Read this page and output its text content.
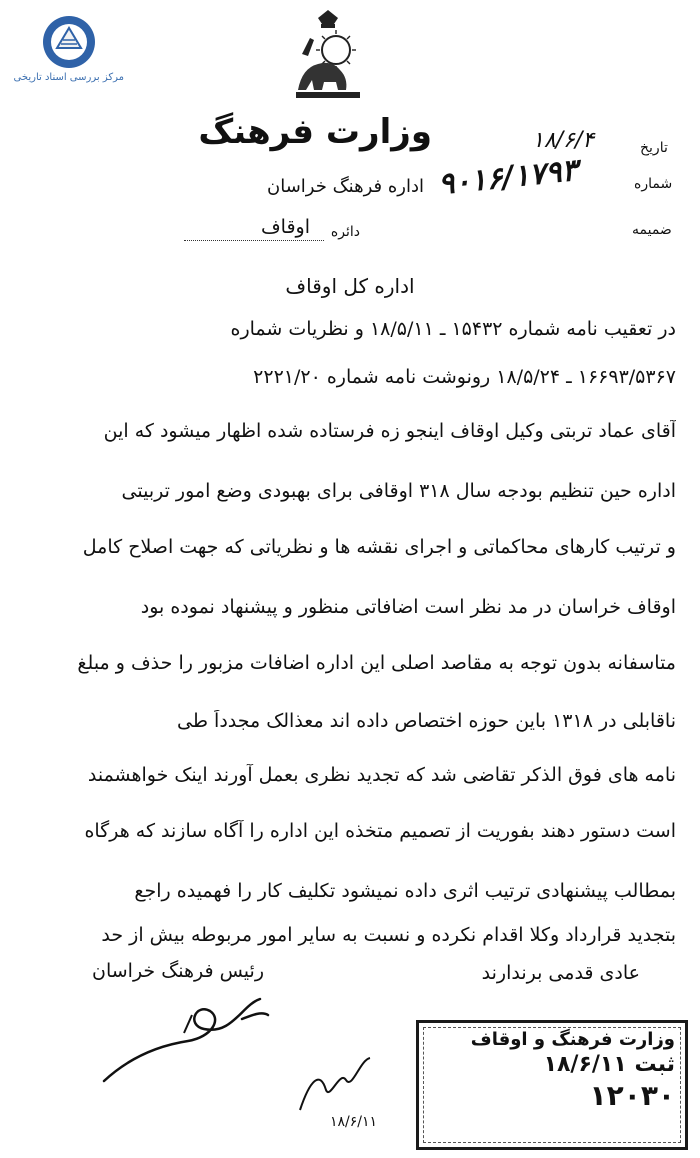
مرکز بررسی اسناد تاریخی
وزارت فرهنگ
اداره فرهنگ خراسان
دائره
اوقاف
تاریخ
۱۸/۶/۴
شماره
۹۰۱۶/۱۷۹۳
ضمیمه
اداره کل اوقاف
در تعقیب نامه شماره ۱۵۴۳۲ ـ ۱۸/۵/۱۱ و نظریات شماره
۱۶۶۹۳/۵۳۶۷ ـ ۱۸/۵/۲۴ رونوشت نامه شماره ۲۲۲۱/۲۰
آقای عماد تربتی وکیل اوقاف اینجو زه فرستاده شده اظهار میشود که این
اداره حین تنظیم بودجه سال ۳۱۸ اوقافی برای بهبودی وضع امور تربیتی
و ترتیب کارهای محاکماتی و اجرای نقشه ها و نظریاتی که جهت اصلاح کامل
اوقاف خراسان در مد نظر است اضافاتی منظور و پیشنهاد نموده بود
متاسفانه بدون توجه به مقاصد اصلی این اداره اضافات مزبور را حذف و مبلغ
ناقابلی در ۱۳۱۸ باین حوزه اختصاص داده اند معذالک مجدداً طی
نامه های فوق الذکر تقاضی شد که تجدید نظری بعمل آورند اینک خواهشمند
است دستور دهند بفوریت از تصمیم متخذه این اداره را آگاه سازند که هرگاه
بمطالب پیشنهادی ترتیب اثری داده نمیشود تکلیف کار را فهمیده راجع
بتجدید قرارداد وکلا اقدام نکرده و نسبت به سایر امور مربوطه بیش از حد
عادی قدمی برندارند
رئیس فرهنگ خراسان
۱۸/۶/۱۱
وزارت فرهنگ و اوقاف
ثبت ۱۸/۶/۱۱
۱۲۰۳۰
